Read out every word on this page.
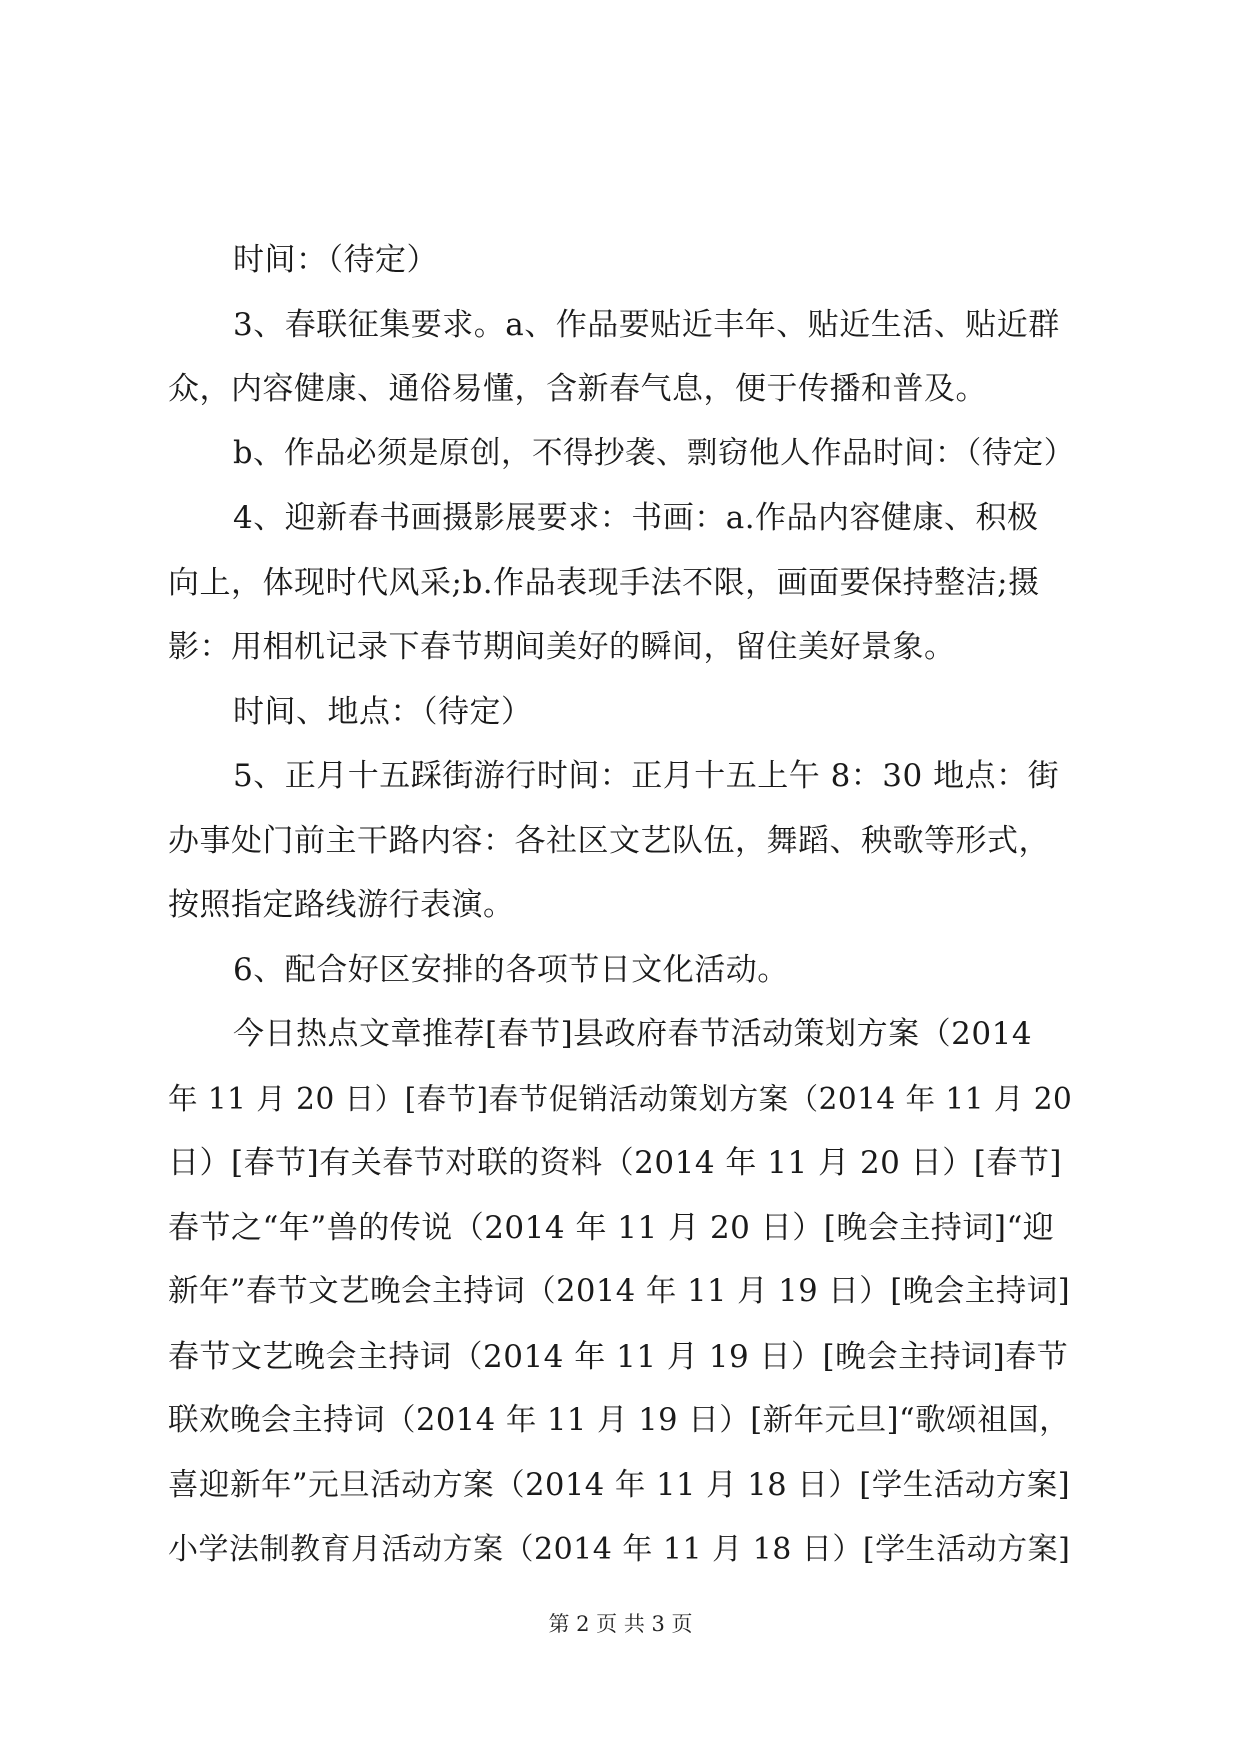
时间：（待定）
3、春联征集要求。a、作品要贴近丰年、贴近生活、贴近群
众，内容健康、通俗易懂，含新春气息，便于传播和普及。
b、作品必须是原创，不得抄袭、剽窃他人作品时间：（待定）
4、迎新春书画摄影展要求：书画：a.作品内容健康、积极
向上，体现时代风采;b.作品表现手法不限，画面要保持整洁;摄
影：用相机记录下春节期间美好的瞬间，留住美好景象。
时间、地点：（待定）
5、正月十五踩街游行时间：正月十五上午 8：30 地点：街
办事处门前主干路内容：各社区文艺队伍，舞蹈、秧歌等形式，
按照指定路线游行表演。
6、配合好区安排的各项节日文化活动。
今日热点文章推荐[春节]县政府春节活动策划方案（2014
年 11 月 20 日）[春节]春节促销活动策划方案（2014 年 11 月 20
日）[春节]有关春节对联的资料（2014 年 11 月 20 日）[春节]
春节之“年”兽的传说（2014 年 11 月 20 日）[晚会主持词]“迎
新年”春节文艺晚会主持词（2014 年 11 月 19 日）[晚会主持词]
春节文艺晚会主持词（2014 年 11 月 19 日）[晚会主持词]春节
联欢晚会主持词（2014 年 11 月 19 日）[新年元旦]“歌颂祖国，
喜迎新年”元旦活动方案（2014 年 11 月 18 日）[学生活动方案]
小学法制教育月活动方案（2014 年 11 月 18 日）[学生活动方案]
第 2 页 共 3 页
